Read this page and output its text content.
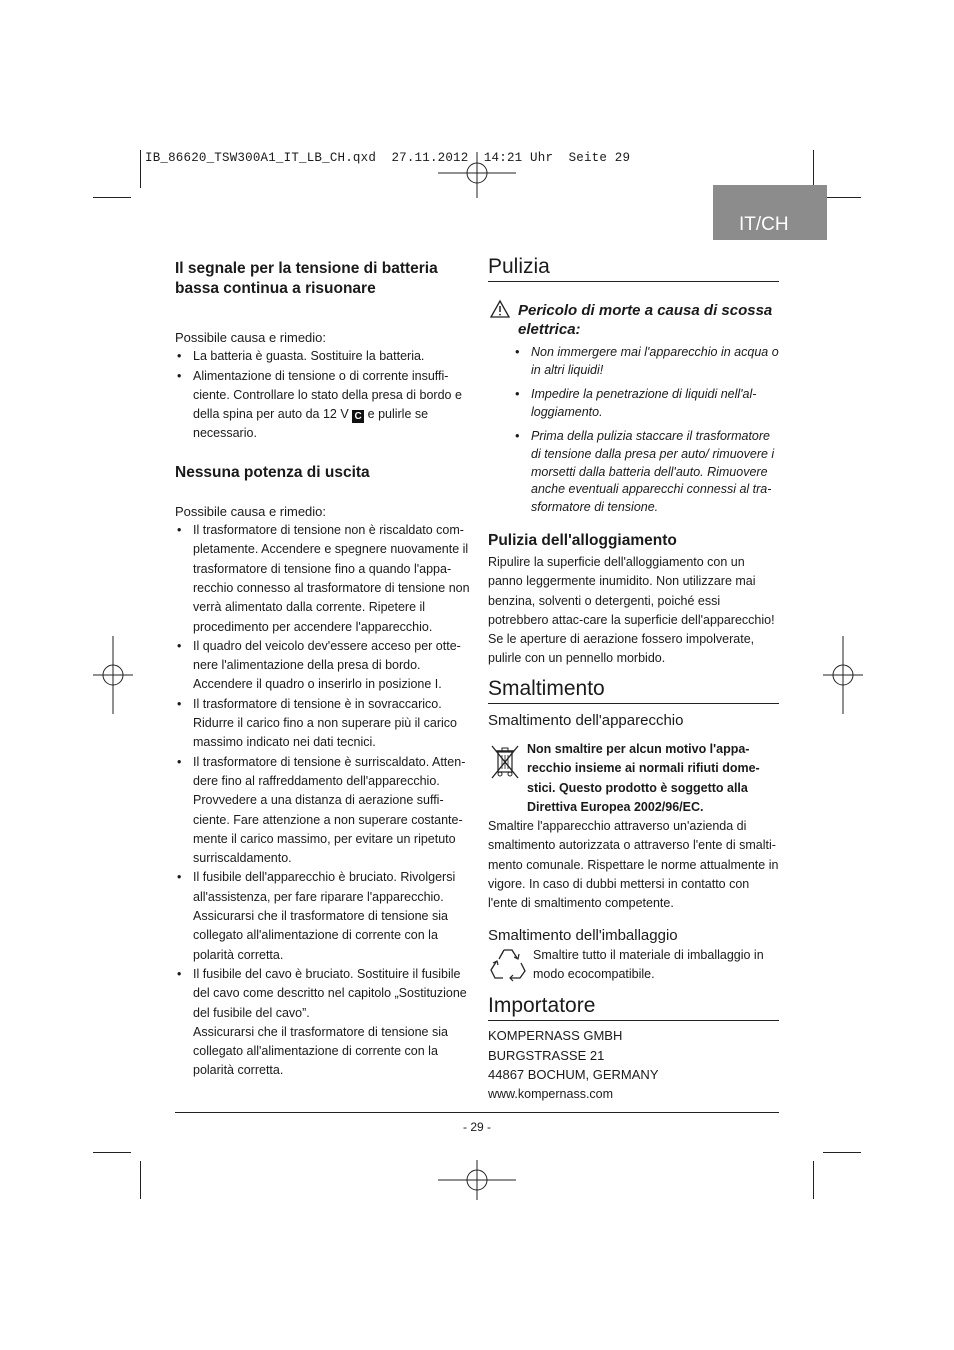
IB_86620_TSW300A1_IT_LB_CH.qxd  27.11.2012  14:21 Uhr  Seite 29
IT/CH
Il segnale per la tensione di batteria bassa continua a risuonare
Possibile causa e rimedio:
• La batteria è guasta. Sostituire la batteria.
• Alimentazione di tensione o di corrente insuffi-ciente. Controllare lo stato della presa di bordo e della spina per auto da 12 V C e pulirle se necessario.
Nessuna potenza di uscita
Possibile causa e rimedio:
• Il trasformatore di tensione non è riscaldato com-pletamente. Accendere e spegnere nuovamente il trasformatore di tensione fino a quando l'appa-recchio connesso al trasformatore di tensione non verrà alimentato dalla corrente. Ripetere il procedimento per accendere l'apparecchio.
• Il quadro del veicolo dev'essere acceso per otte-nere l'alimentazione della presa di bordo. Accendere il quadro o inserirlo in posizione I.
• Il trasformatore di tensione è in sovraccarico. Ridurre il carico fino a non superare più il carico massimo indicato nei dati tecnici.
• Il trasformatore di tensione è surriscaldato. Atten-dere fino al raffreddamento dell'apparecchio. Provvedere a una distanza di aerazione suffi-ciente. Fare attenzione a non superare costante-mente il carico massimo, per evitare un ripetuto surriscaldamento.
• Il fusibile dell'apparecchio è bruciato. Rivolgersi all'assistenza, per fare riparare l'apparecchio. Assicurarsi che il trasformatore di tensione sia collegato all'alimentazione di corrente con la polarità corretta.
• Il fusibile del cavo è bruciato. Sostituire il fusibile del cavo come descritto nel capitolo „Sostituzione del fusibile del cavo”.
Assicurarsi che il trasformatore di tensione sia collegato all'alimentazione di corrente con la polarità corretta.
Pulizia
Pericolo di morte a causa di scossa elettrica:
• Non immergere mai l'apparecchio in acqua o in altri liquidi!
• Impedire la penetrazione di liquidi nell'al-loggiamento.
• Prima della pulizia staccare il trasformatore di tensione dalla presa per auto/ rimuovere i morsetti dalla batteria dell'auto. Rimuovere anche eventuali apparecchi connessi al tra-sformatore di tensione.
Pulizia dell'alloggiamento
Ripulire la superficie dell'alloggiamento con un panno leggermente inumidito. Non utilizzare mai benzina, solventi o detergenti, poiché essi potrebbero attac-care la superficie dell'apparecchio! Se le aperture di aerazione fossero impolverate, pulirle con un pennello morbido.
Smaltimento
Smaltimento dell'apparecchio
Non smaltire per alcun motivo l'appa-recchio insieme ai normali rifiuti dome-stici. Questo prodotto è soggetto alla Direttiva Europea 2002/96/EC.
Smaltire l'apparecchio attraverso un'azienda di smaltimento autorizzata o attraverso l'ente di smalti-mento comunale. Rispettare le norme attualmente in vigore. In caso di dubbi mettersi in contatto con l'ente di smaltimento competente.
Smaltimento dell'imballaggio
Smaltire tutto il materiale di imballaggio in modo ecocompatibile.
Importatore
KOMPERNASS GMBH
BURGSTRASSE 21
44867 BOCHUM, GERMANY
www.kompernass.com
- 29 -
